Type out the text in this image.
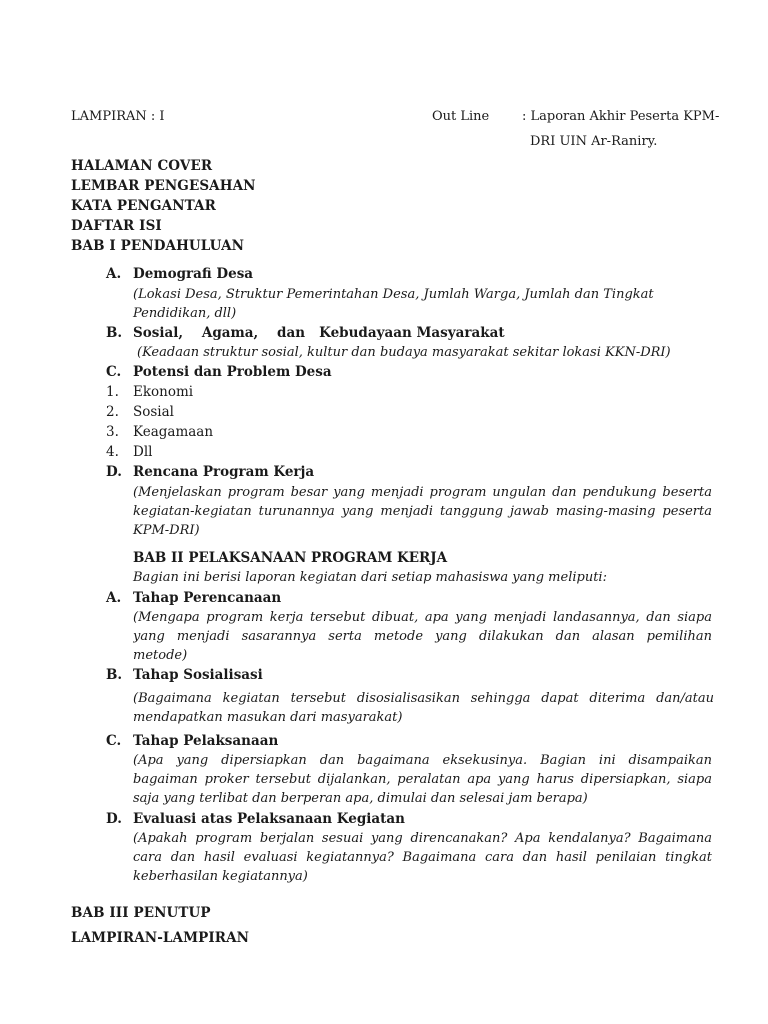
LAMPIRAN : I	Out Line	: Laporan Akhir Peserta KPM-
DRI UIN Ar-Raniry.
HALAMAN COVER
LEMBAR PENGESAHAN
KATA PENGANTAR
DAFTAR ISI
BAB I PENDAHULUAN
A. Demografi Desa
(Lokasi Desa, Struktur Pemerintahan Desa, Jumlah Warga, Jumlah dan Tingkat
Pendidikan, dll)
B. Sosial,    Agama,    dan   Kebudayaan Masyarakat
(Keadaan struktur sosial, kultur dan budaya masyarakat sekitar lokasi KKN-DRI)
C. Potensi dan Problem Desa
1. Ekonomi
2. Sosial
3. Keagamaan
4. Dll
D. Rencana Program Kerja
(Menjelaskan program besar yang menjadi program ungulan dan pendukung beserta
kegiatan-kegiatan turunannya yang menjadi tanggung jawab masing-masing peserta
KPM-DRI)
BAB II PELAKSANAAN PROGRAM KERJA
Bagian ini berisi laporan kegiatan dari setiap mahasiswa yang meliputi:
A. Tahap Perencanaan
(Mengapa program kerja tersebut dibuat, apa yang menjadi landasannya, dan siapa
yang menjadi sasarannya serta metode yang dilakukan dan alasan pemilihan
metode)
B. Tahap Sosialisasi
(Bagaimana kegiatan tersebut disosialisasikan sehingga dapat diterima dan/atau
mendapatkan masukan dari masyarakat)
C. Tahap Pelaksanaan
(Apa yang dipersiapkan dan bagaimana eksekusinya. Bagian ini disampaikan
bagaiman proker tersebut dijalankan, peralatan apa yang harus dipersiapkan, siapa
saja yang terlibat dan berperan apa, dimulai dan selesai jam berapa)
D. Evaluasi atas Pelaksanaan Kegiatan
(Apakah program berjalan sesuai yang direncanakan? Apa kendalanya? Bagaimana
cara dan hasil evaluasi kegiatannya? Bagaimana cara dan hasil penilaian tingkat
keberhasilan kegiatannya)
BAB III PENUTUP
LAMPIRAN-LAMPIRAN
